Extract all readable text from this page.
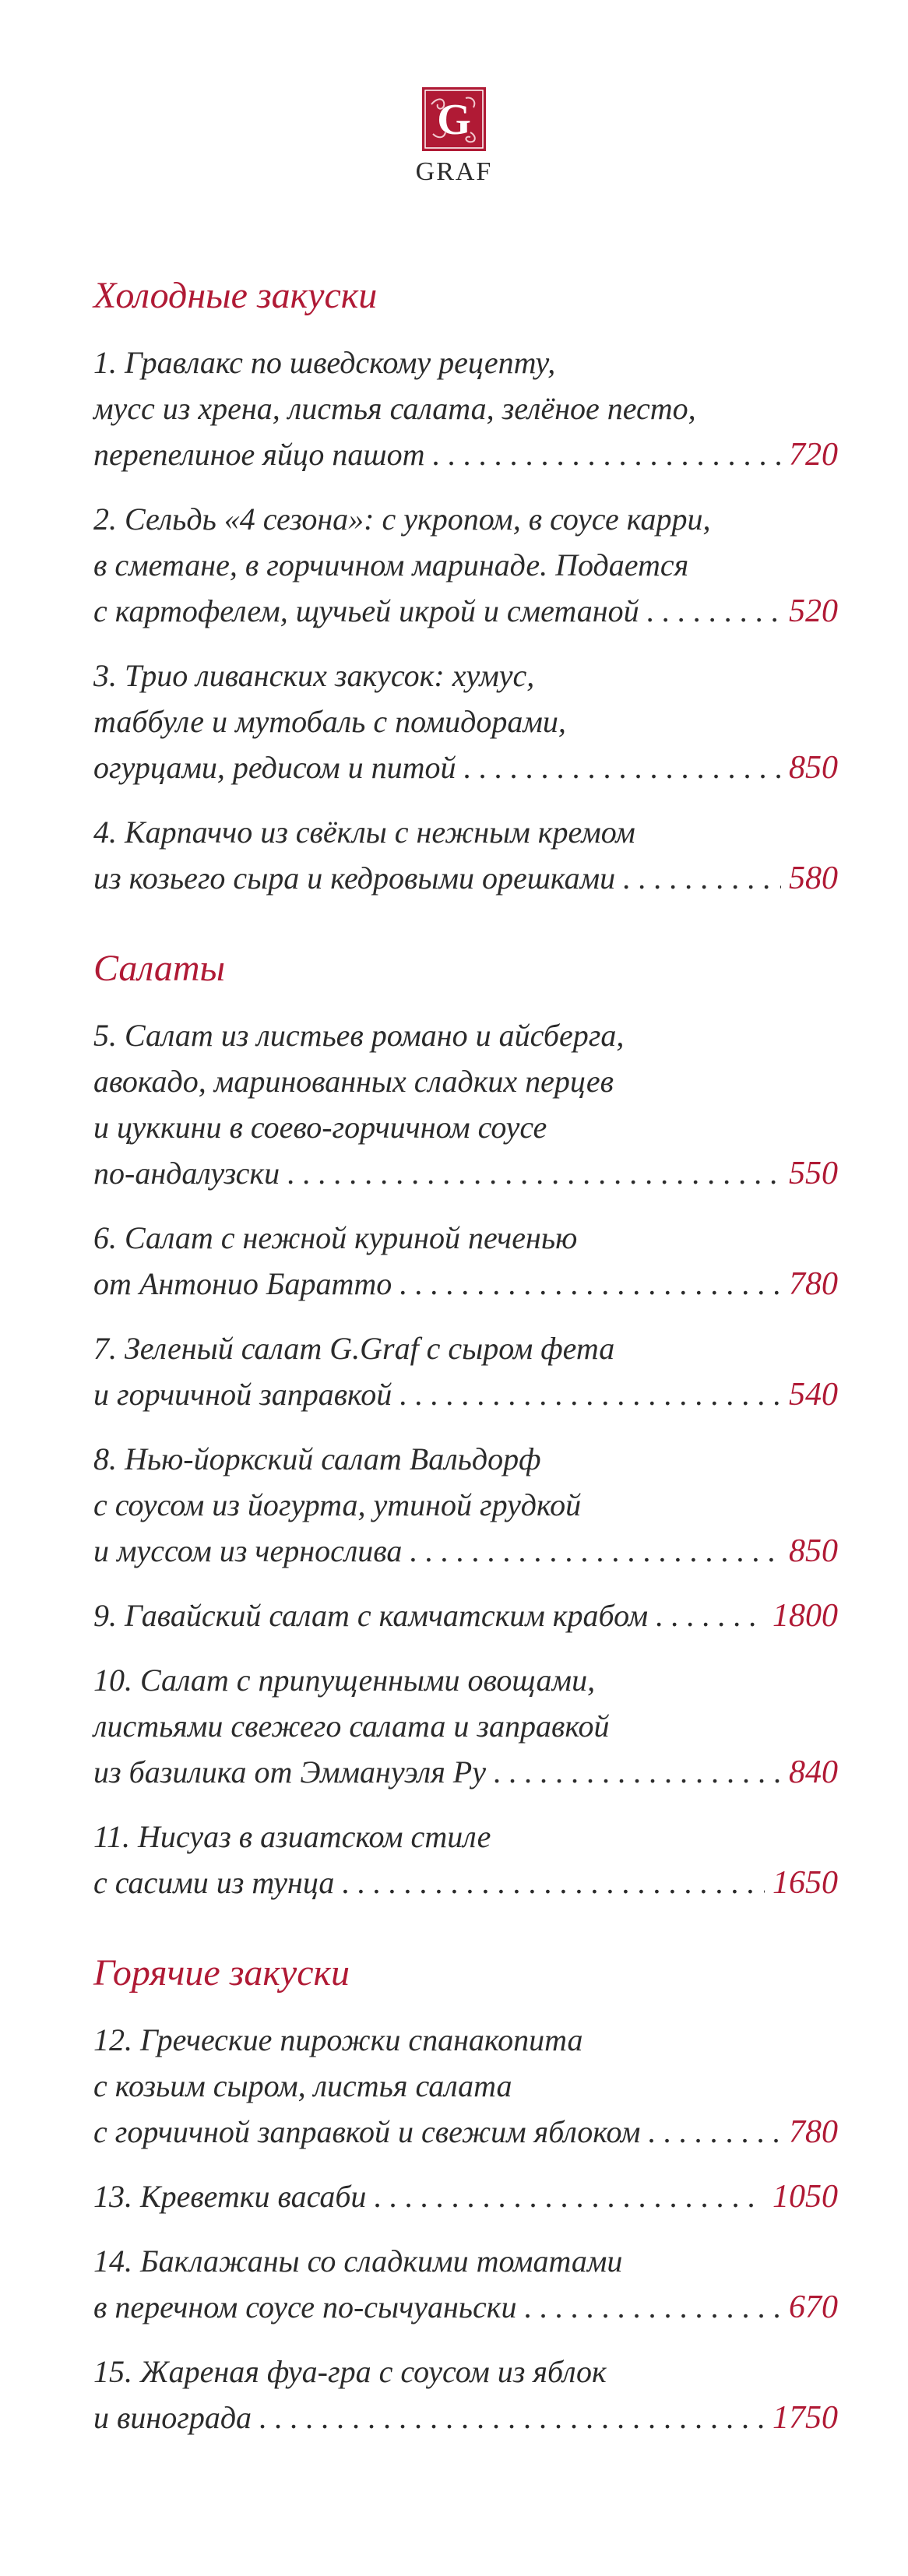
G
GRAF
Холодные закуски
1. Гравлакс по шведскому рецепту,
мусс из хрена, листья салата, зелёное песто,
перепелиное яйцо пашот . . .	720
2. Сельдь «4 сезона»: с укропом, в соусе карри,
в сметане, в горчичном маринаде. Подается
с картофелем, щучьей икрой и сметаной . . .	520
3. Трио ливанских закусок: хумус,
таббуле и мутобаль с помидорами,
огурцами, редисом и питой . . .	850
4. Карпаччо из свёклы с нежным кремом
из козьего сыра и кедровыми орешками . . .	580
Салаты
5. Салат из листьев романо и айсберга,
авокадо, маринованных сладких перцев
и цуккини в соево-горчичном соусе
по-андалузски . . .	550
6. Салат с нежной куриной печенью
от Антонио Баратто . . .	780
7. Зеленый салат G.Graf с сыром фета
и горчичной заправкой . . .	540
8. Нью-йоркский салат Вальдорф
с соусом из йогурта, утиной грудкой
и муссом из чернослива . . .	850
9. Гавайский салат с камчатским крабом . . .	1800
10. Салат с припущенными овощами,
листьями свежего салата и заправкой
из базилика от Эммануэля Ру . . .	840
11. Нисуаз в азиатском стиле
с сасими из тунца . . .	1650
Горячие закуски
12. Греческие пирожки спанакопита
с козьим сыром, листья салата
с горчичной заправкой и свежим яблоком . . .	780
13. Креветки васаби . . .	1050
14. Баклажаны со сладкими томатами
в перечном соусе по-сычуаньски . . .	670
15. Жареная фуа-гра с соусом из яблок
и винограда . . .	1750
